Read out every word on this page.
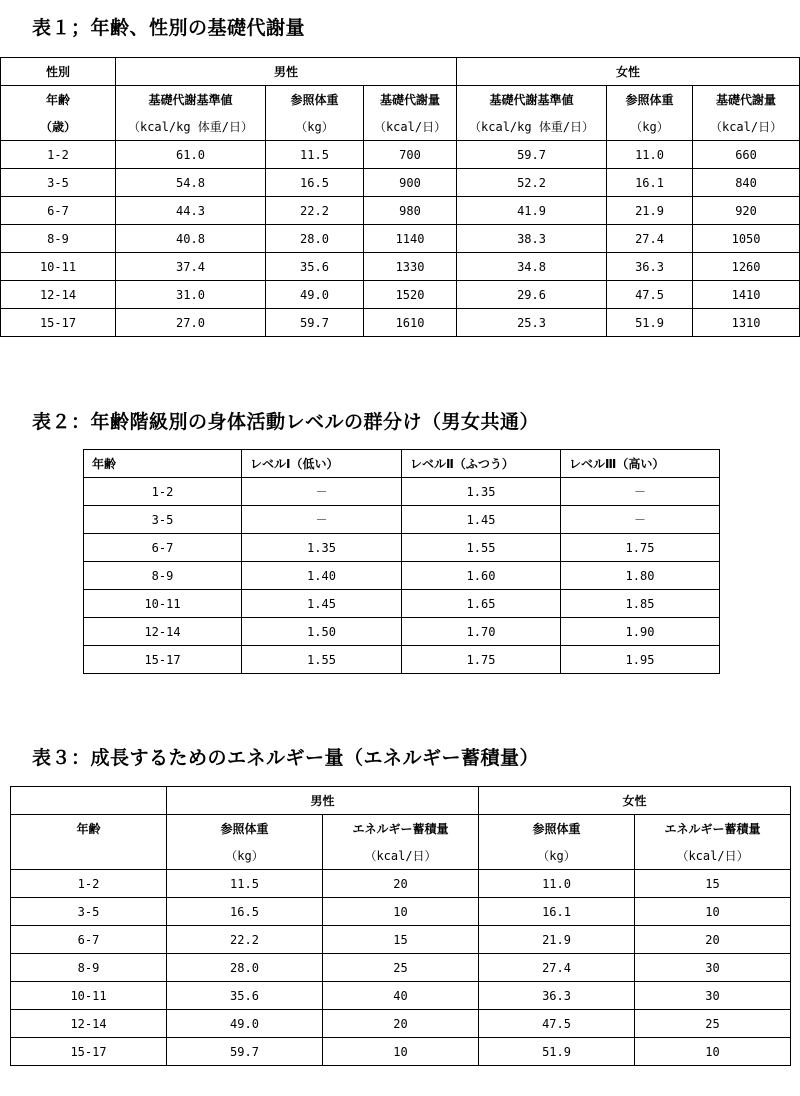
表１；年齢、性別の基礎代謝量
性別	男性			女性		
年齢	基礎代謝基準値	参照体重	基礎代謝量	基礎代謝基準値	参照体重	基礎代謝量
（歳）	（kcal/kg 体重/日）	（kg）	（kcal/日）	（kcal/kg 体重/日）	（kg）	（kcal/日）
1-2	61.0	11.5	700	59.7	11.0	660
3-5	54.8	16.5	900	52.2	16.1	840
6-7	44.3	22.2	980	41.9	21.9	920
8-9	40.8	28.0	1140	38.3	27.4	1050
10-11	37.4	35.6	1330	34.8	36.3	1260
12-14	31.0	49.0	1520	29.6	47.5	1410
15-17	27.0	59.7	1610	25.3	51.9	1310
表２：年齢階級別の身体活動レベルの群分け（男女共通）
年齢	レベルⅠ（低い）	レベルⅡ（ふつう）	レベルⅢ（高い）
1-2	－	1.35	－
3-5	－	1.45	－
6-7	1.35	1.55	1.75
8-9	1.40	1.60	1.80
10-11	1.45	1.65	1.85
12-14	1.50	1.70	1.90
15-17	1.55	1.75	1.95
表３：成長するためのエネルギー量（エネルギー蓄積量）
	男性		女性	
年齢	参照体重	エネルギー蓄積量	参照体重	エネルギー蓄積量
	（kg）	（kcal/日）	（kg）	（kcal/日）
1-2	11.5	20	11.0	15
3-5	16.5	10	16.1	10
6-7	22.2	15	21.9	20
8-9	28.0	25	27.4	30
10-11	35.6	40	36.3	30
12-14	49.0	20	47.5	25
15-17	59.7	10	51.9	10
